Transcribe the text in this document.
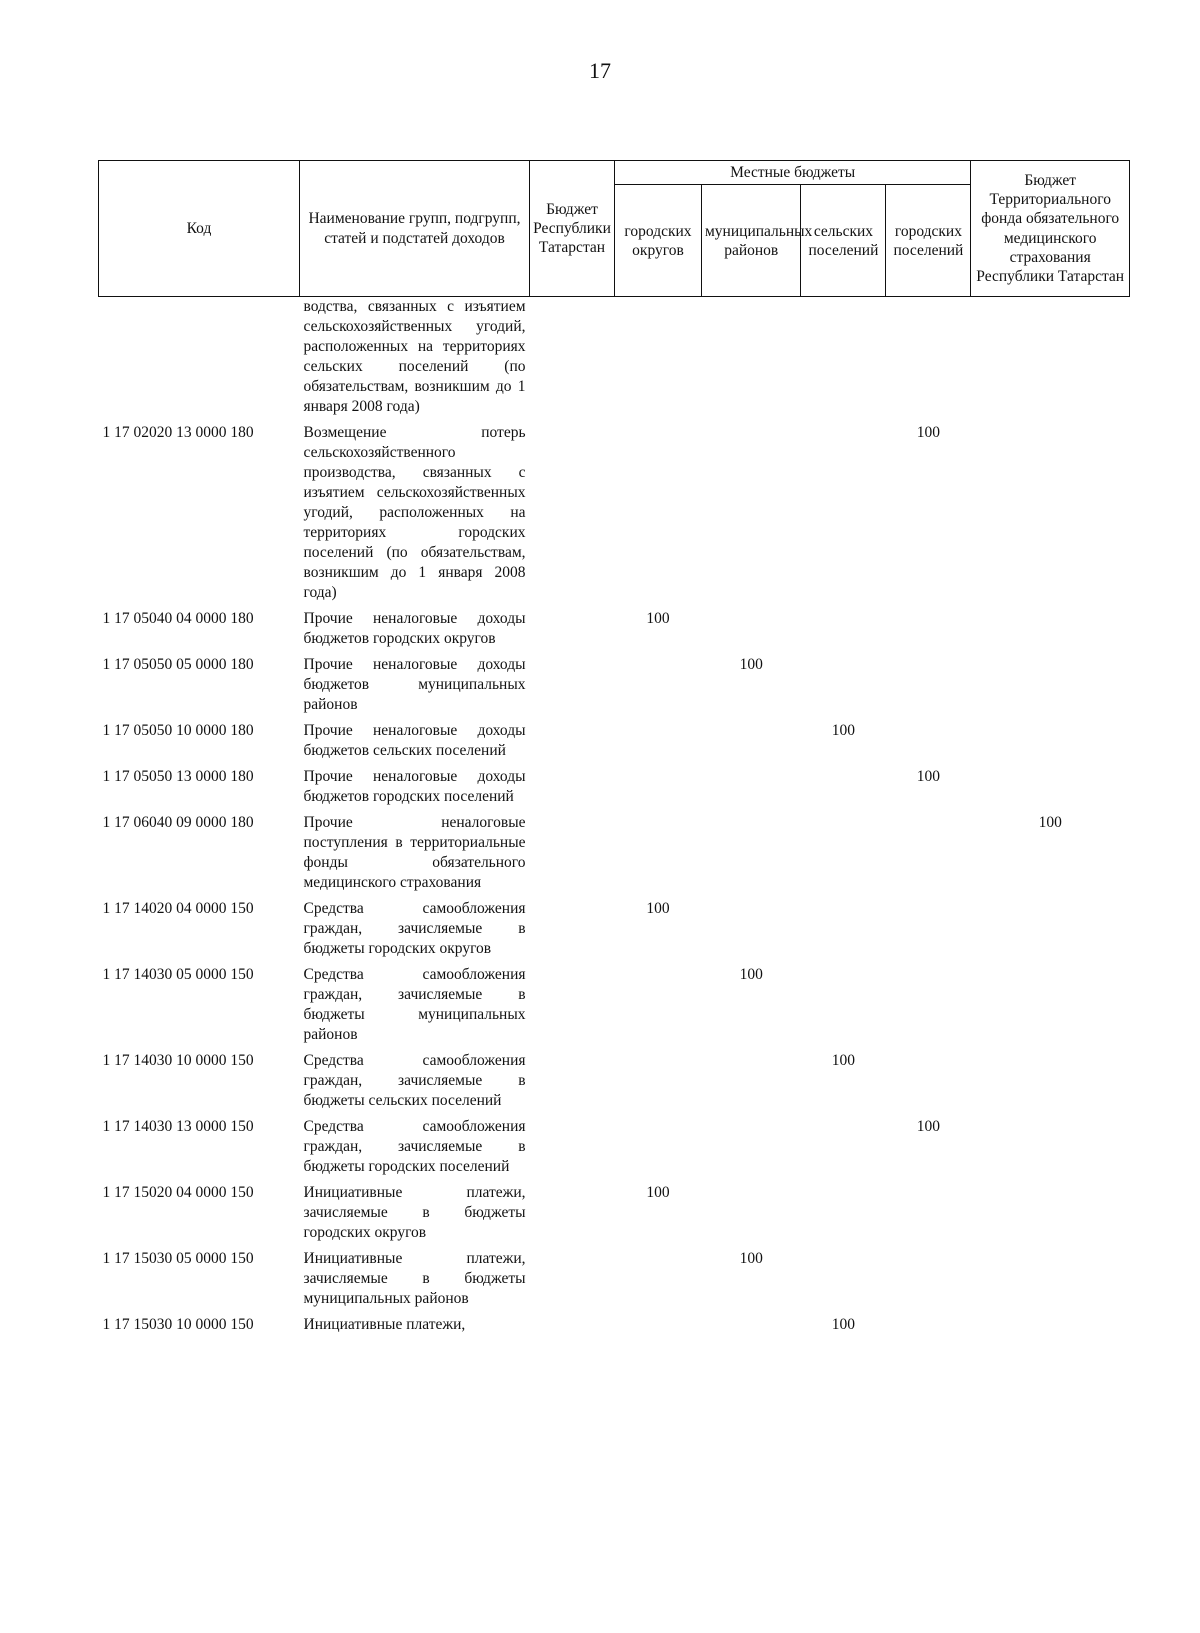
17
Код	Наименование групп, подгрупп, статей и подстатей доходов	Бюджет Республики Татарстан	Местные бюджеты				Бюджет Территориального фонда обязательного медицинского страхования Республики Татарстан
			городских округов	муниципальных районов	сельских поселений	городских поселений	
	водства, связанных с изъятием сельскохозяйственных угодий, расположенных на территориях сельских поселений (по обязательствам, возникшим до 1 января 2008 года)						
1 17 02020 13 0000 180	Возмещение потерь сельскохозяйственного производства, связанных с изъятием сельскохозяйственных угодий, расположенных на территориях городских поселений (по обязательствам, возникшим до 1 января 2008 года)					100	
1 17 05040 04 0000 180	Прочие неналоговые доходы бюджетов городских округов		100				
1 17 05050 05 0000 180	Прочие неналоговые доходы бюджетов муниципальных районов			100			
1 17 05050 10 0000 180	Прочие неналоговые доходы бюджетов сельских поселений				100		
1 17 05050 13 0000 180	Прочие неналоговые доходы бюджетов городских поселений					100	
1 17 06040 09 0000 180	Прочие неналоговые поступления в территориальные фонды обязательного медицинского страхования						100
1 17 14020 04 0000 150	Средства самообложения граждан, зачисляемые в бюджеты городских округов		100				
1 17 14030 05 0000 150	Средства самообложения граждан, зачисляемые в бюджеты муниципальных районов			100			
1 17 14030 10 0000 150	Средства самообложения граждан, зачисляемые в бюджеты сельских поселений				100		
1 17 14030 13 0000 150	Средства самообложения граждан, зачисляемые в бюджеты городских поселений					100	
1 17 15020 04 0000 150	Инициативные платежи, зачисляемые в бюджеты городских округов		100				
1 17 15030 05 0000 150	Инициативные платежи, зачисляемые в бюджеты муниципальных районов			100			
1 17 15030 10 0000 150	Инициативные платежи,				100		
